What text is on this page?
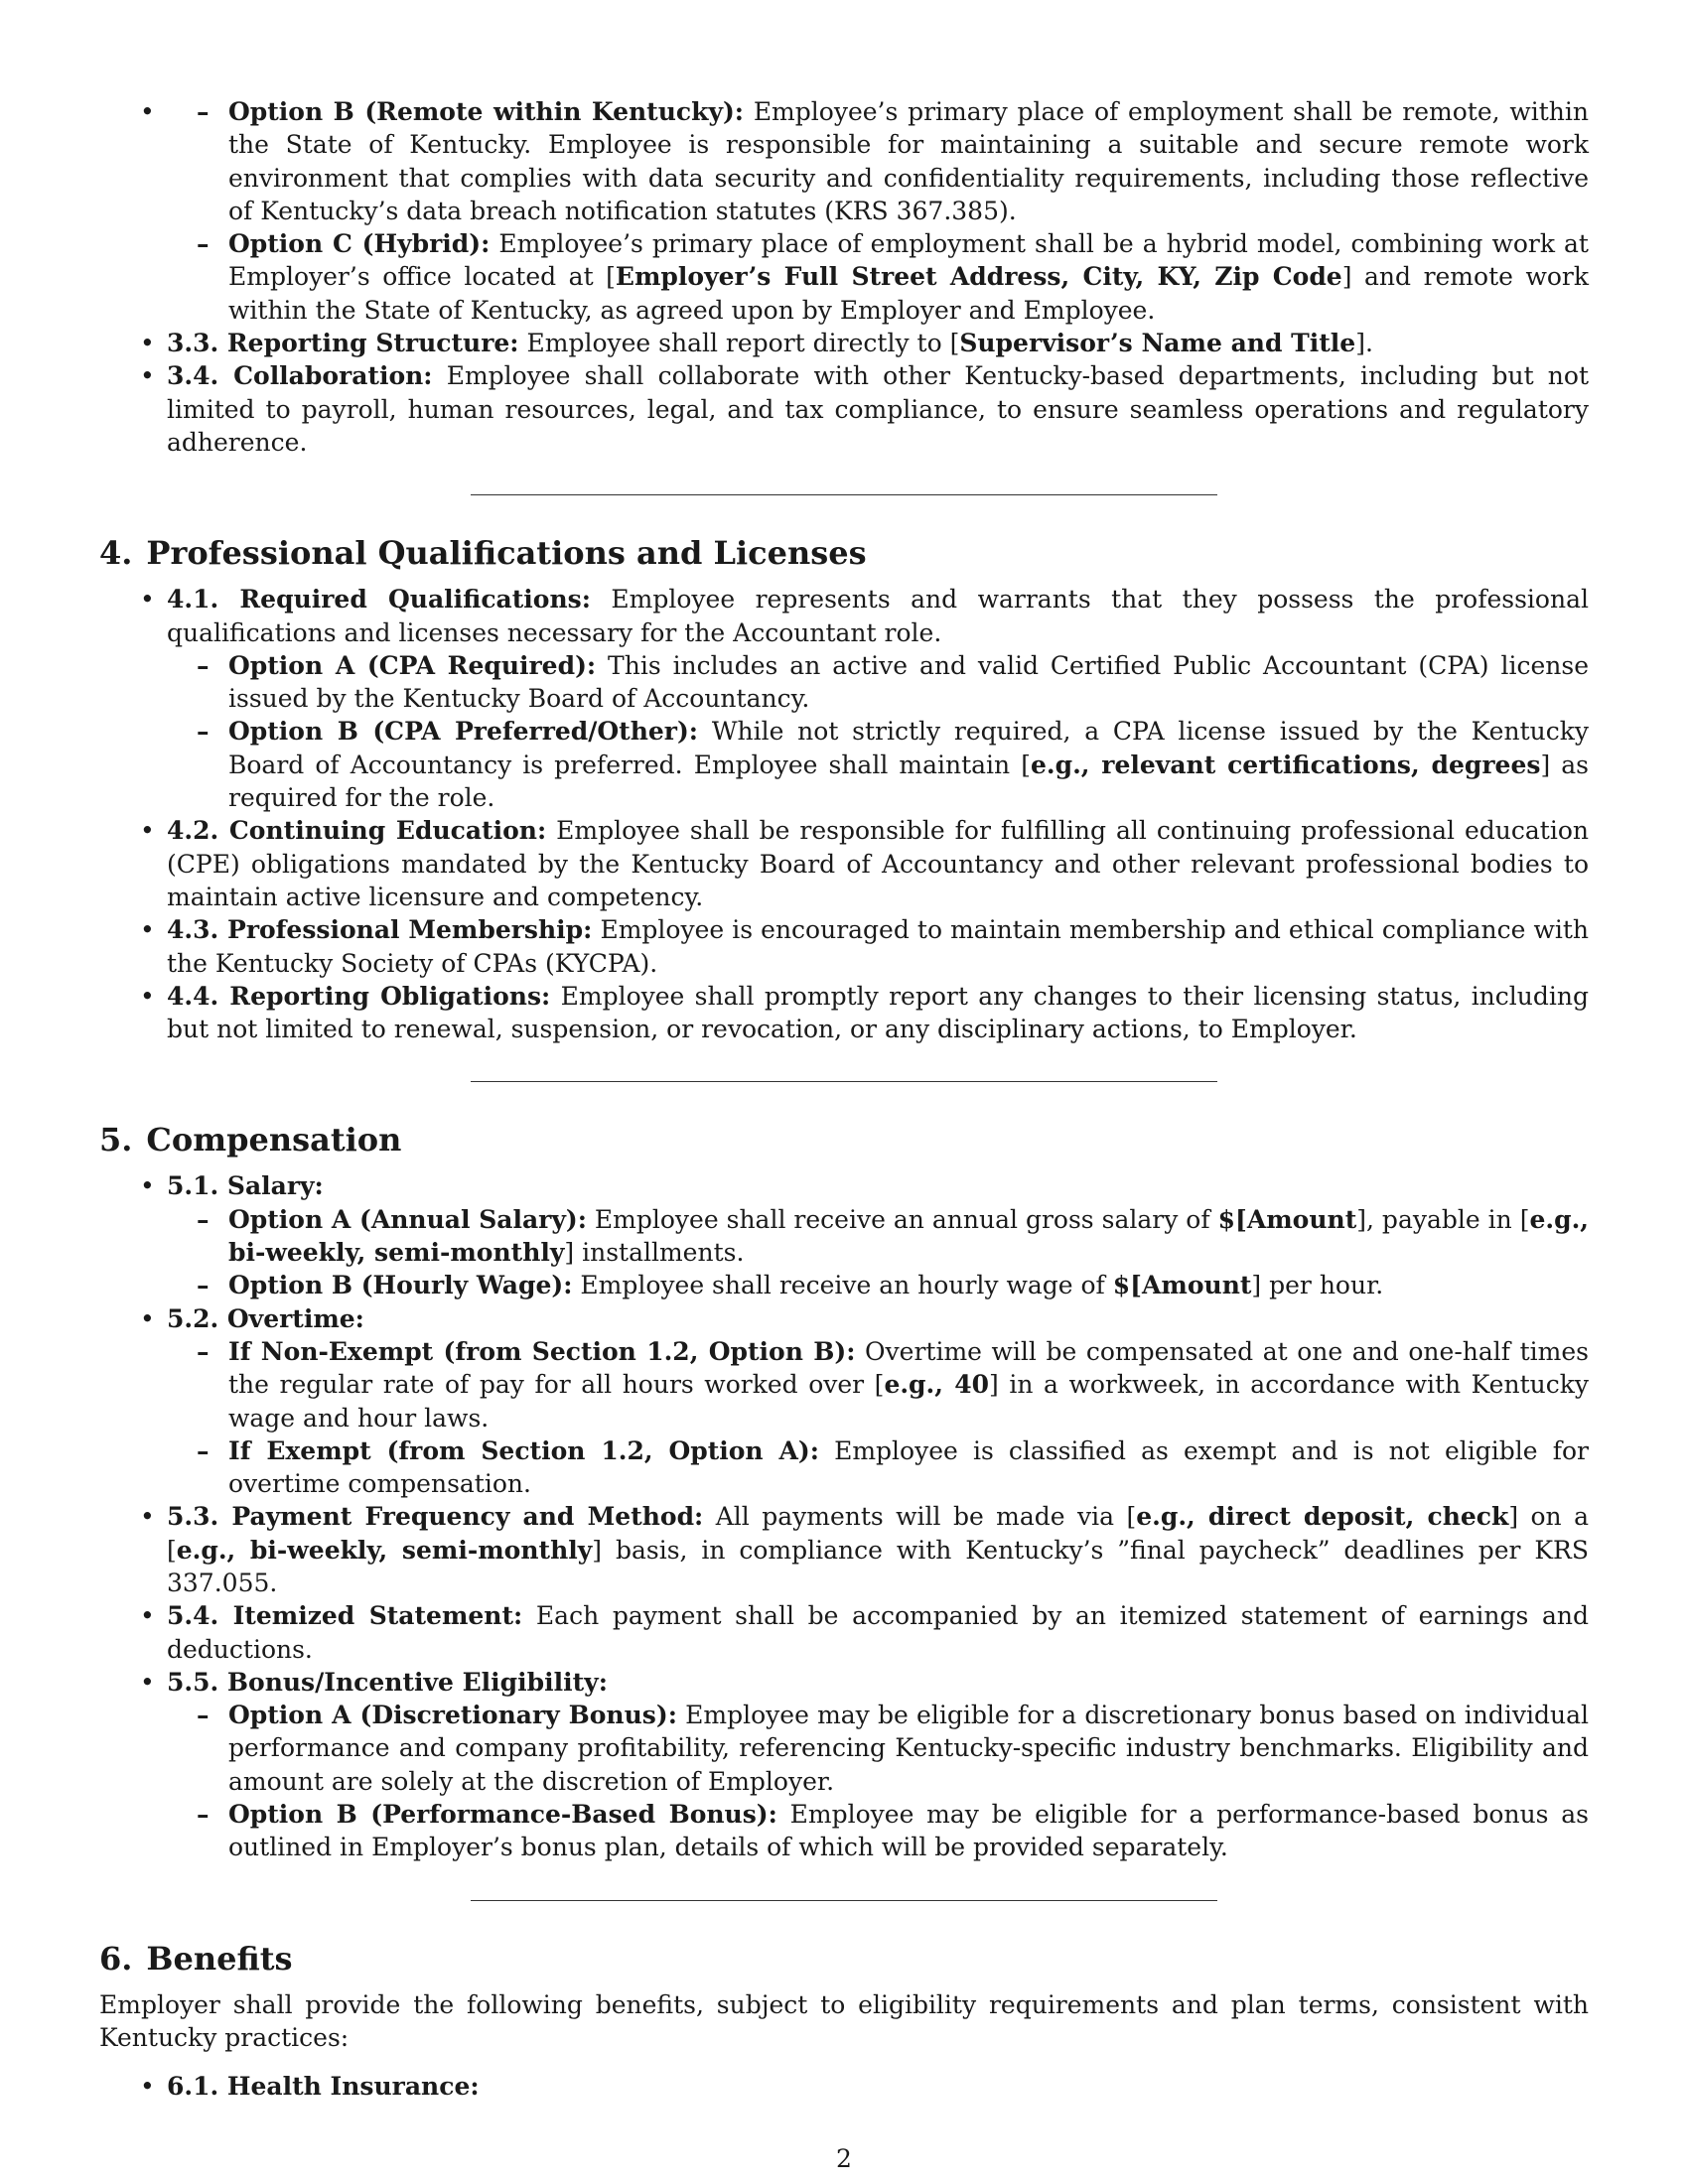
– • Option B (Remote within Kentucky): Employee’s primary place of employment shall be remote, within the State of Kentucky. Employee is responsible for maintaining a suitable and secure remote work environment that complies with data security and confidentiality requirements, including those reflective of Kentucky’s data breach notification statutes (KRS 367.385).
– Option C (Hybrid): Employee’s primary place of employment shall be a hybrid model, combining work at Employer’s office located at [Employer’s Full Street Address, City, KY, Zip Code] and remote work within the State of Kentucky, as agreed upon by Employer and Employee.
• 3.3. Reporting Structure: Employee shall report directly to [Supervisor’s Name and Title].
• 3.4. Collaboration: Employee shall collaborate with other Kentucky-based departments, including but not limited to payroll, human resources, legal, and tax compliance, to ensure seamless operations and regulatory adherence.
4. Professional Qualifications and Licenses
• 4.1. Required Qualifications: Employee represents and warrants that they possess the professional qualifications and licenses necessary for the Accountant role.
– Option A (CPA Required): This includes an active and valid Certified Public Accountant (CPA) license issued by the Kentucky Board of Accountancy.
– Option B (CPA Preferred/Other): While not strictly required, a CPA license issued by the Kentucky Board of Accountancy is preferred. Employee shall maintain [e.g., relevant certifications, degrees] as required for the role.
• 4.2. Continuing Education: Employee shall be responsible for fulfilling all continuing professional education (CPE) obligations mandated by the Kentucky Board of Accountancy and other relevant professional bodies to maintain active licensure and competency.
• 4.3. Professional Membership: Employee is encouraged to maintain membership and ethical compliance with the Kentucky Society of CPAs (KYCPA).
• 4.4. Reporting Obligations: Employee shall promptly report any changes to their licensing status, including but not limited to renewal, suspension, or revocation, or any disciplinary actions, to Employer.
5. Compensation
• 5.1. Salary:
– Option A (Annual Salary): Employee shall receive an annual gross salary of $[Amount], payable in [e.g., bi-weekly, semi-monthly] installments.
– Option B (Hourly Wage): Employee shall receive an hourly wage of $[Amount] per hour.
• 5.2. Overtime:
– If Non-Exempt (from Section 1.2, Option B): Overtime will be compensated at one and one-half times the regular rate of pay for all hours worked over [e.g., 40] in a workweek, in accordance with Kentucky wage and hour laws.
– If Exempt (from Section 1.2, Option A): Employee is classified as exempt and is not eligible for overtime compensation.
• 5.3. Payment Frequency and Method: All payments will be made via [e.g., direct deposit, check] on a [e.g., bi-weekly, semi-monthly] basis, in compliance with Kentucky’s ”final paycheck” deadlines per KRS 337.055.
• 5.4. Itemized Statement: Each payment shall be accompanied by an itemized statement of earnings and deductions.
• 5.5. Bonus/Incentive Eligibility:
– Option A (Discretionary Bonus): Employee may be eligible for a discretionary bonus based on individual performance and company profitability, referencing Kentucky-specific industry benchmarks. Eligibility and amount are solely at the discretion of Employer.
– Option B (Performance-Based Bonus): Employee may be eligible for a performance-based bonus as outlined in Employer’s bonus plan, details of which will be provided separately.
6. Benefits

Employer shall provide the following benefits, subject to eligibility requirements and plan terms, consistent with Kentucky practices:

• 6.1. Health Insurance:
2
